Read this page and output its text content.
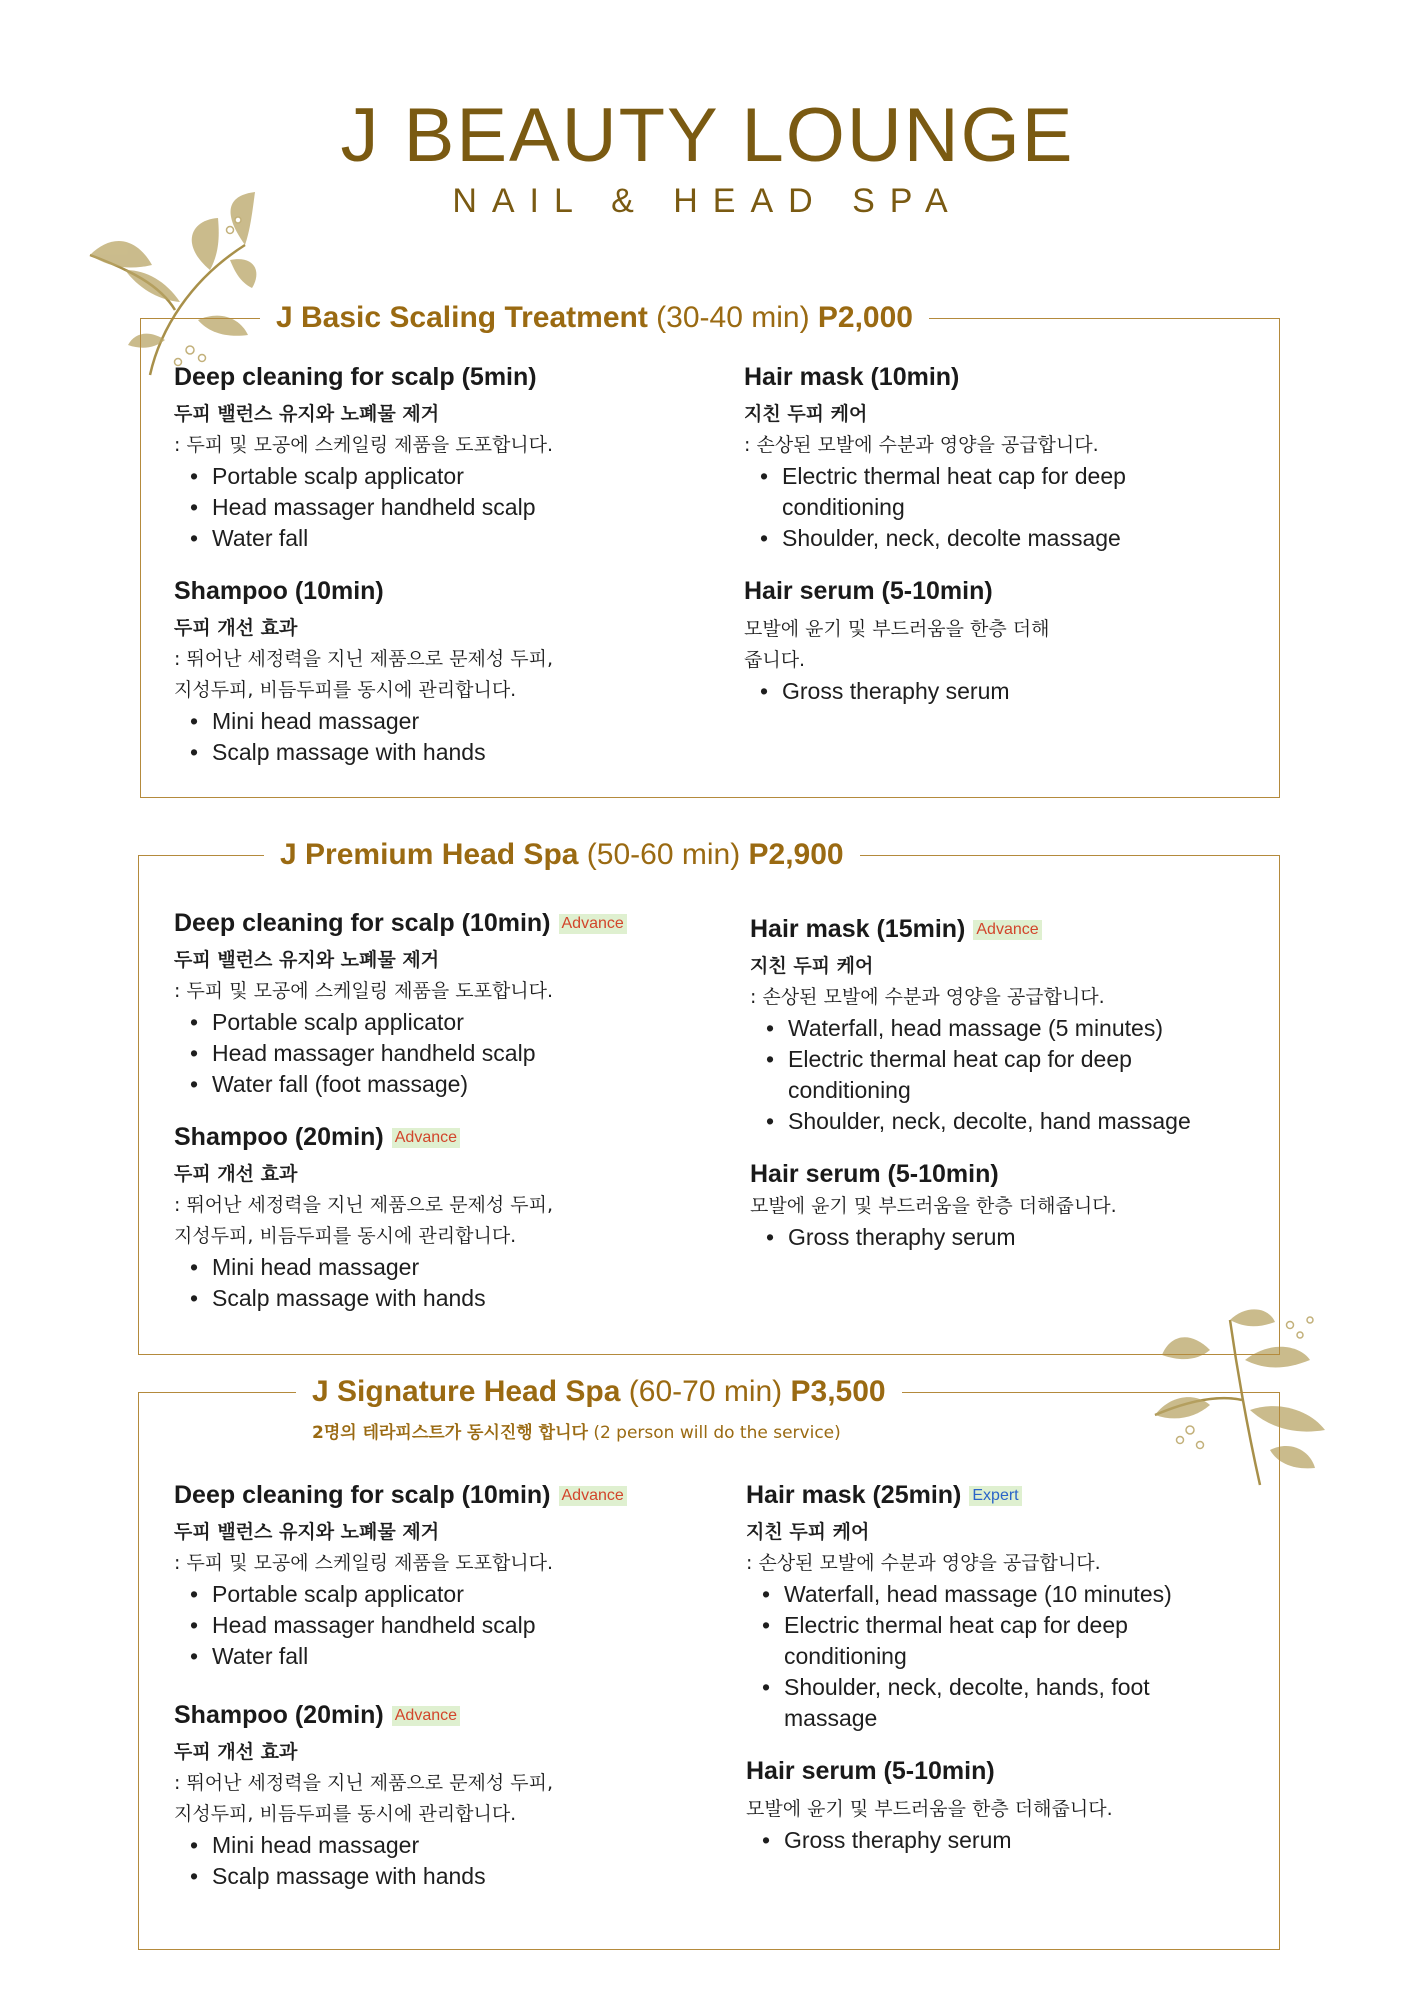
J BEAUTY LOUNGE
NAIL & HEAD SPA
J Basic Scaling Treatment (30-40 min) P2,000
Deep cleaning for scalp (5min)
두피 밸런스 유지와 노폐물 제거
: 두피 및 모공에 스케일링 제품을 도포합니다.
• Portable scalp applicator
• Head massager handheld scalp
• Water fall
Shampoo (10min)
두피 개선 효과
: 뛰어난 세정력을 지닌 제품으로 문제성 두피,
지성두피, 비듬두피를 동시에 관리합니다.
• Mini head massager
• Scalp massage with hands
Hair mask (10min)
지친 두피 케어
: 손상된 모발에 수분과 영양을 공급합니다.
• Electric thermal heat cap for deep conditioning
• Shoulder, neck, decolte massage
Hair serum (5-10min)
모발에 윤기 및 부드러움을 한층 더해
줍니다.
• Gross theraphy serum
J Premium Head Spa (50-60 min) P2,900
Deep cleaning for scalp (10min) Advance
두피 밸런스 유지와 노폐물 제거
: 두피 및 모공에 스케일링 제품을 도포합니다.
• Portable scalp applicator
• Head massager handheld scalp
• Water fall (foot massage)
Shampoo (20min) Advance
두피 개선 효과
: 뛰어난 세정력을 지닌 제품으로 문제성 두피,
지성두피, 비듬두피를 동시에 관리합니다.
• Mini head massager
• Scalp massage with hands
Hair mask (15min) Advance
지친 두피 케어
: 손상된 모발에 수분과 영양을 공급합니다.
• Waterfall, head massage (5 minutes)
• Electric thermal heat cap for deep conditioning
• Shoulder, neck, decolte, hand massage
Hair serum (5-10min)
모발에 윤기 및 부드러움을 한층 더해줍니다.
• Gross theraphy serum
J Signature Head Spa (60-70 min) P3,500
2명의 테라피스트가 동시진행 합니다 (2 person will do the service)
Deep cleaning for scalp (10min) Advance
두피 밸런스 유지와 노폐물 제거
: 두피 및 모공에 스케일링 제품을 도포합니다.
• Portable scalp applicator
• Head massager handheld scalp
• Water fall
Shampoo (20min) Advance
두피 개선 효과
: 뛰어난 세정력을 지닌 제품으로 문제성 두피,
지성두피, 비듬두피를 동시에 관리합니다.
• Mini head massager
• Scalp massage with hands
Hair mask (25min) Expert
지친 두피 케어
: 손상된 모발에 수분과 영양을 공급합니다.
• Waterfall, head massage (10 minutes)
• Electric thermal heat cap for deep conditioning
• Shoulder, neck, decolte, hands, foot massage
Hair serum (5-10min)
모발에 윤기 및 부드러움을 한층 더해줍니다.
• Gross theraphy serum
